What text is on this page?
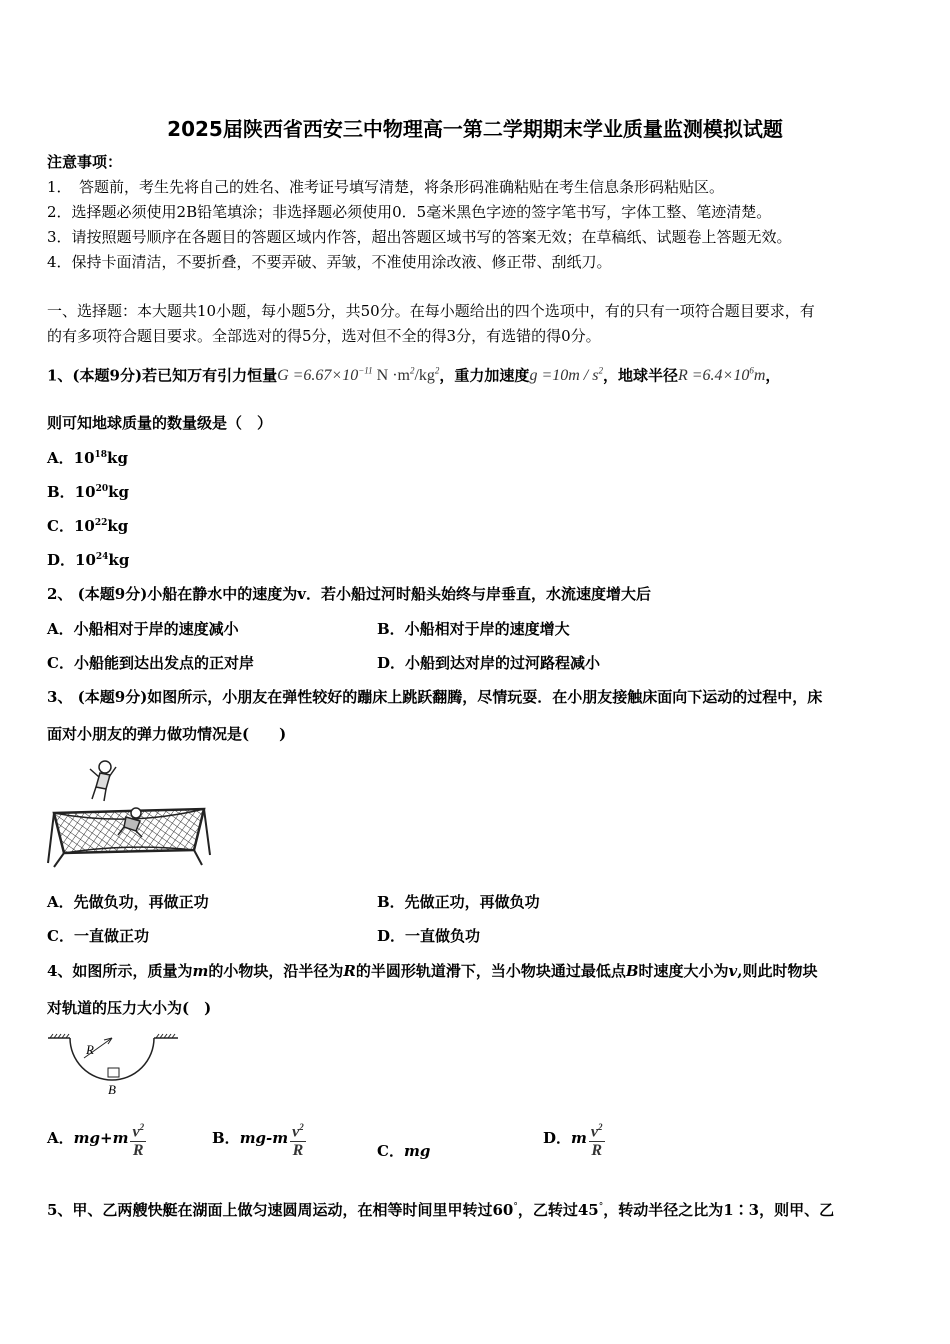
2025届陕西省西安三中物理高一第二学期期末学业质量监测模拟试题
注意事项：
1．　答题前，考生先将自己的姓名、准考证号填写清楚，将条形码准确粘贴在考生信息条形码粘贴区。
2．选择题必须使用2B铅笔填涂；非选择题必须使用0．5毫米黑色字迹的签字笔书写，字体工整、笔迹清楚。
3．请按照题号顺序在各题目的答题区域内作答，超出答题区域书写的答案无效；在草稿纸、试题卷上答题无效。
4．保持卡面清洁，不要折叠，不要弄破、弄皱，不准使用涂改液、修正带、刮纸刀。
一、选择题：本大题共10小题，每小题5分，共50分。在每小题给出的四个选项中，有的只有一项符合题目要求，有
的有多项符合题目要求。全部选对的得5分，选对但不全的得3分，有选错的得0分。
1、(本题9分)若已知万有引力恒量$G =6.67\times 10^{-11}$ $N \cdot m^2/kg^2$，重力加速度$g =10m / s^2$，地球半径$R =6.4\times 10^6m$，
则可知地球质量的数量级是（　）
A．$10^{18}kg$
B．$10^{20}kg$
C．$10^{22}kg$
D．$10^{24}kg$
2、 (本题9分)小船在静水中的速度为v．若小船过河时船头始终与岸垂直，水流速度增大后
A．小船相对于岸的速度减小	B．小船相对于岸的速度增大
C．小船能到达出发点的正对岸	D．小船到达对岸的过河路程减小
3、 (本题9分)如图所示，小朋友在弹性较好的蹦床上跳跃翻腾，尽情玩耍．在小朋友接触床面向下运动的过程中，床
面对小朋友的弹力做功情况是(　　)
A．先做负功，再做正功	B．先做正功，再做负功
C．一直做正功	D．一直做负功
4、如图所示，质量为m的小物块，沿半径为R的半圆形轨道滑下，当小物块通过最低点B时速度大小为v,则此时物块
对轨道的压力大小为(　)
R
B
A．$mg+m \frac{v^2}{R}$	B．$mg-m \frac{v^2}{R}$	C．mg
D．m $\frac{v^2}{R}$
5、甲、乙两艘快艇在湖面上做匀速圆周运动，在相等时间里甲转过60°，乙转过45°，转动半径之比为1∶3，则甲、乙
